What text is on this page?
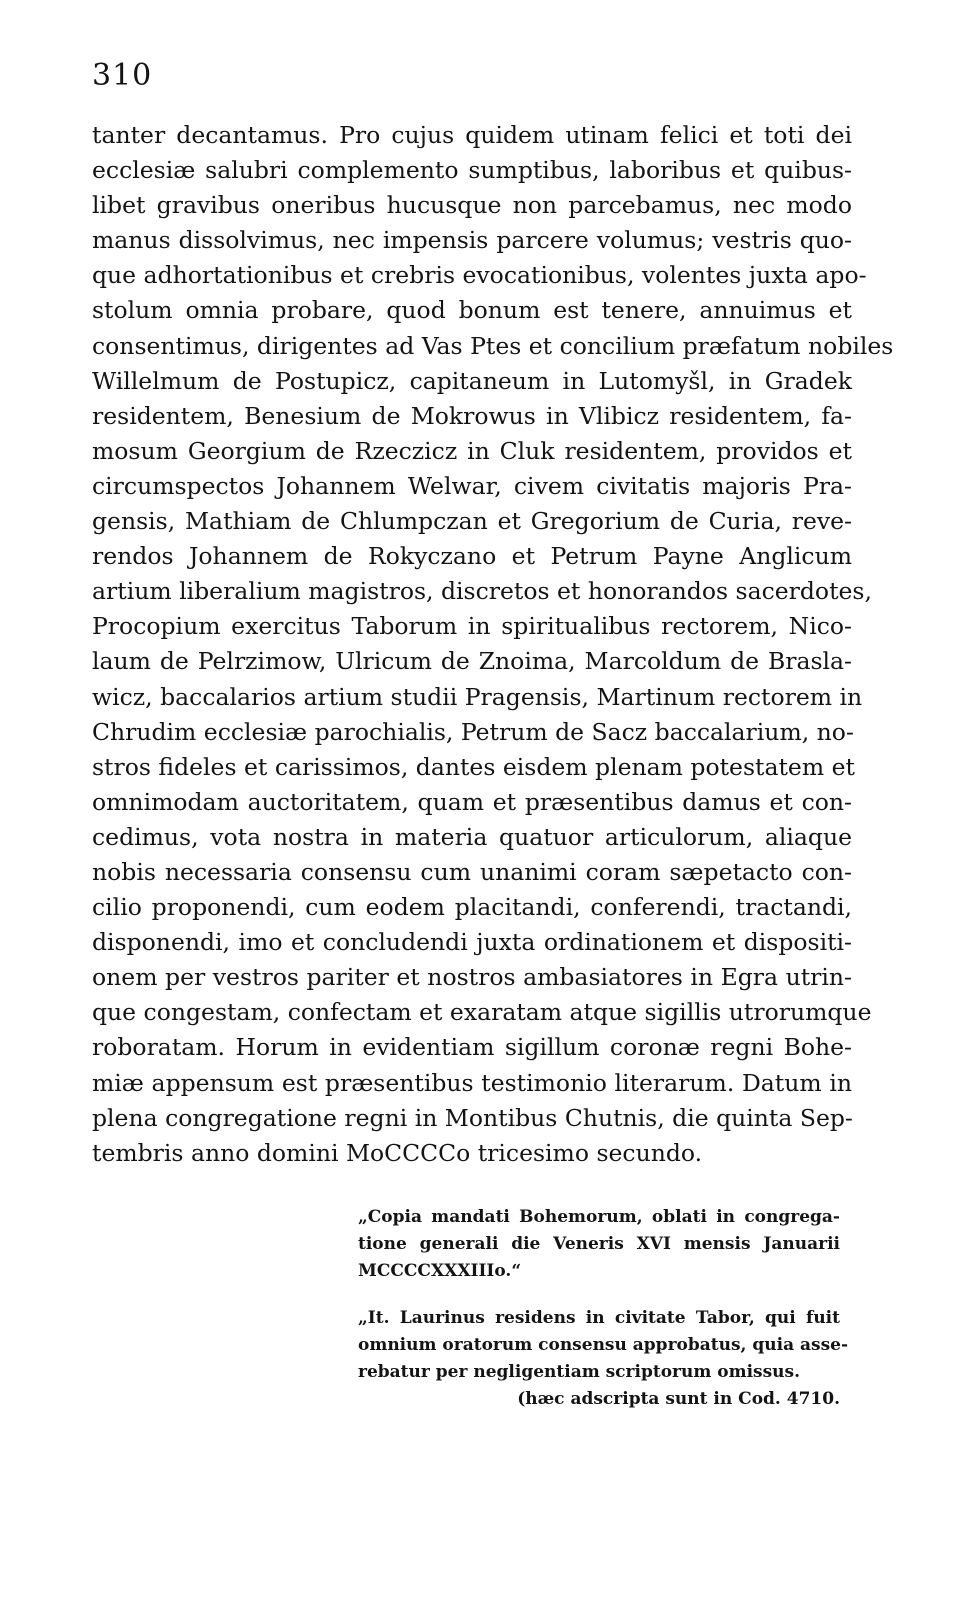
310
tanter decantamus. Pro cujus quidem utinam felici et toti dei
ecclesiæ salubri complemento sumptibus, laboribus et quibus-
libet gravibus oneribus hucusque non parcebamus, nec modo
manus dissolvimus, nec impensis parcere volumus; vestris quo-
que adhortationibus et crebris evocationibus, volentes juxta apo-
stolum omnia probare, quod bonum est tenere, annuimus et
consentimus, dirigentes ad Vas Ptes et concilium præfatum nobiles
Willelmum de Postupicz, capitaneum in Lutomyšl, in Gradek
residentem, Benesium de Mokrowus in Vlibicz residentem, fa-
mosum Georgium de Rzeczicz in Cluk residentem, providos et
circumspectos Johannem Welwar, civem civitatis majoris Pra-
gensis, Mathiam de Chlumpczan et Gregorium de Curia, reve-
rendos Johannem de Rokyczano et Petrum Payne Anglicum
artium liberalium magistros, discretos et honorandos sacerdotes,
Procopium exercitus Taborum in spiritualibus rectorem, Nico-
laum de Pelrzimow, Ulricum de Znoima, Marcoldum de Brasla-
wicz, baccalarios artium studii Pragensis, Martinum rectorem in
Chrudim ecclesiæ parochialis, Petrum de Sacz baccalarium, no-
stros fideles et carissimos, dantes eisdem plenam potestatem et
omnimodam auctoritatem, quam et præsentibus damus et con-
cedimus, vota nostra in materia quatuor articulorum, aliaque
nobis necessaria consensu cum unanimi coram sæpetacto con-
cilio proponendi, cum eodem placitandi, conferendi, tractandi,
disponendi, imo et concludendi juxta ordinationem et dispositi-
onem per vestros pariter et nostros ambasiatores in Egra utrin-
que congestam, confectam et exaratam atque sigillis utrorumque
roboratam. Horum in evidentiam sigillum coronæ regni Bohe-
miæ appensum est præsentibus testimonio literarum. Datum in
plena congregatione regni in Montibus Chutnis, die quinta Sep-
tembris anno domini MoCCCCo tricesimo secundo.
„Copia mandati Bohemorum, oblati in congrega-
tione generali die Veneris XVI mensis Januarii
MCCCCXXXIIIo.“
„It. Laurinus residens in civitate Tabor, qui fuit
omnium oratorum consensu approbatus, quia asse-
rebatur per negligentiam scriptorum omissus.
(hæc adscripta sunt in Cod. 4710.
